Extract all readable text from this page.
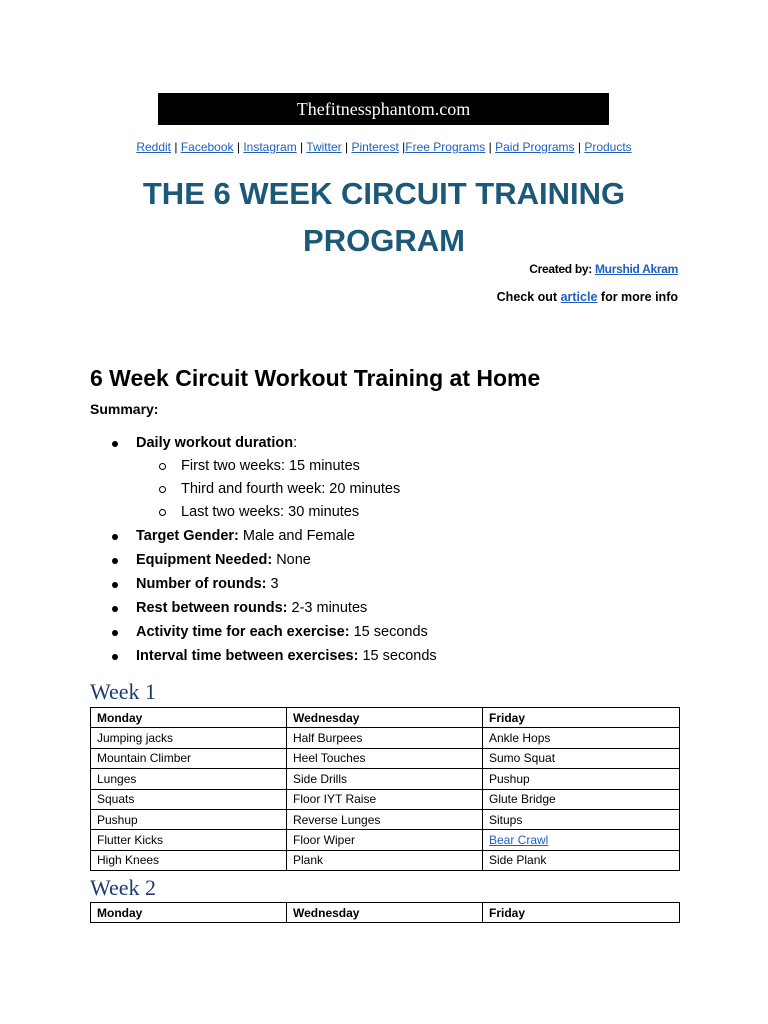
Thefitnessphantom.com
Reddit | Facebook | Instagram | Twitter | Pinterest |Free Programs | Paid Programs | Products
THE 6 WEEK CIRCUIT TRAINING
PROGRAM
Created by: Murshid Akram
Check out article for more info
6 Week Circuit Workout Training at Home
Summary:
Daily workout duration:
First two weeks: 15 minutes
Third and fourth week: 20 minutes
Last two weeks: 30 minutes
Target Gender: Male and Female
Equipment Needed: None
Number of rounds: 3
Rest between rounds: 2-3 minutes
Activity time for each exercise: 15 seconds
Interval time between exercises: 15 seconds
Week 1
Monday	Wednesday	Friday
Jumping jacks	Half Burpees	Ankle Hops
Mountain Climber	Heel Touches	Sumo Squat
Lunges	Side Drills	Pushup
Squats	Floor IYT Raise	Glute Bridge
Pushup	Reverse Lunges	Situps
Flutter Kicks	Floor Wiper	Bear Crawl
High Knees	Plank	Side Plank
Week 2
Monday	Wednesday	Friday
